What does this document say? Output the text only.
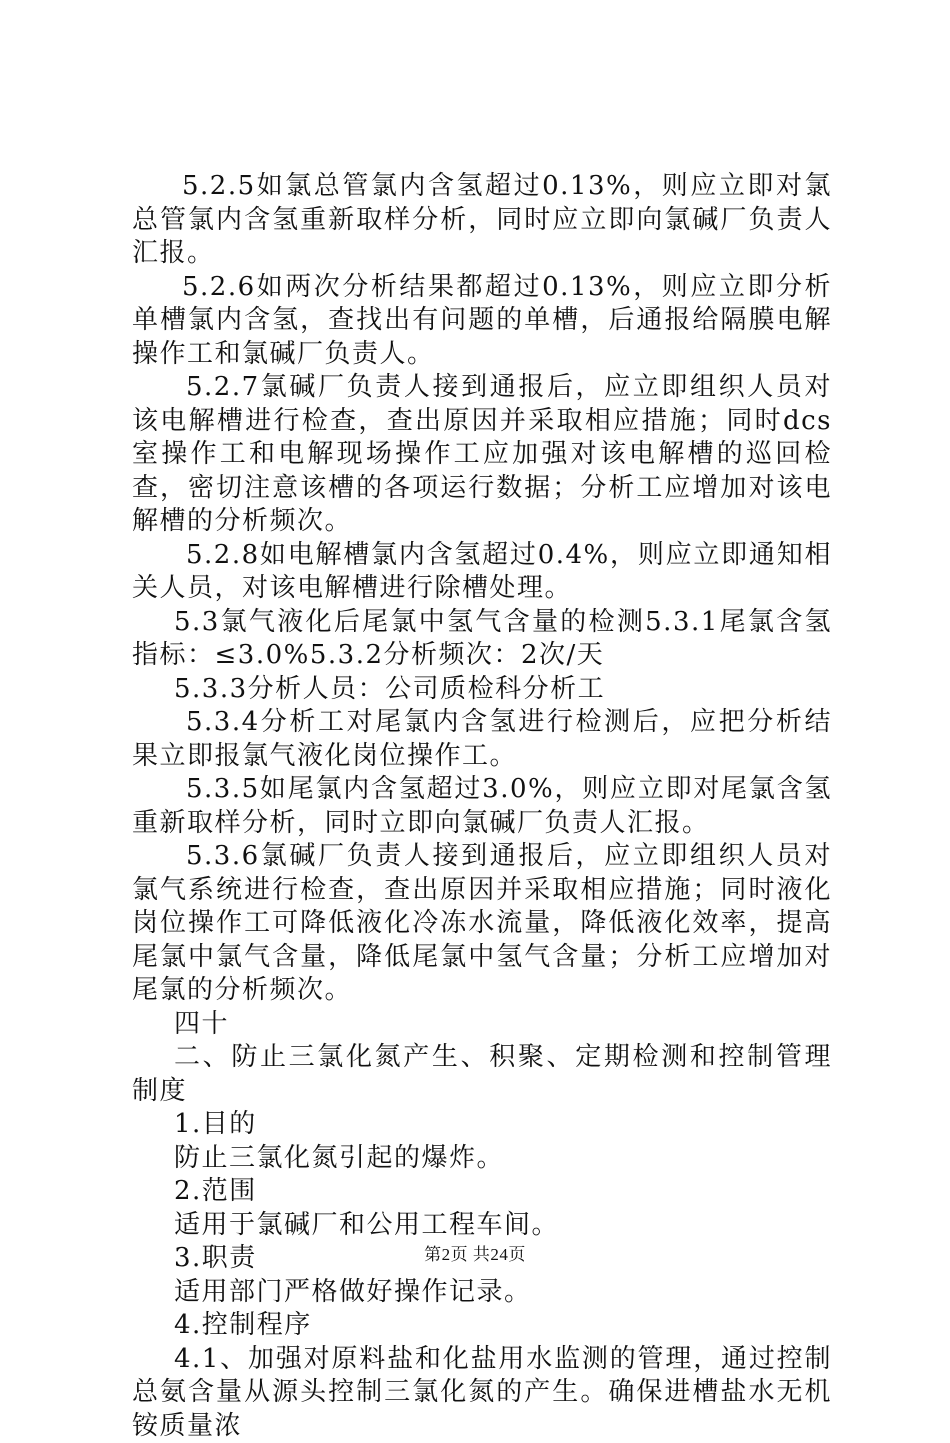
5.2.5如氯总管氯内含氢超过0.13%，则应立即对氯总管氯内含氢重新取样分析，同时应立即向氯碱厂负责人汇报。

5.2.6如两次分析结果都超过0.13%，则应立即分析单槽氯内含氢，查找出有问题的单槽，后通报给隔膜电解操作工和氯碱厂负责人。

5.2.7氯碱厂负责人接到通报后，应立即组织人员对该电解槽进行检查，查出原因并采取相应措施；同时dcs室操作工和电解现场操作工应加强对该电解槽的巡回检查，密切注意该槽的各项运行数据；分析工应增加对该电解槽的分析频次。

5.2.8如电解槽氯内含氢超过0.4%，则应立即通知相关人员，对该电解槽进行除槽处理。

5.3氯气液化后尾氯中氢气含量的检测5.3.1尾氯含氢指标：≤3.0%5.3.2分析频次：2次/天

5.3.3分析人员：公司质检科分析工

5.3.4分析工对尾氯内含氢进行检测后，应把分析结果立即报氯气液化岗位操作工。

5.3.5如尾氯内含氢超过3.0%，则应立即对尾氯含氢重新取样分析，同时立即向氯碱厂负责人汇报。

5.3.6氯碱厂负责人接到通报后，应立即组织人员对氯气系统进行检查，查出原因并采取相应措施；同时液化岗位操作工可降低液化冷冻水流量，降低液化效率，提高尾氯中氯气含量，降低尾氯中氢气含量；分析工应增加对尾氯的分析频次。

四十

二、防止三氯化氮产生、积聚、定期检测和控制管理制度

1.目的

防止三氯化氮引起的爆炸。

2.范围

适用于氯碱厂和公用工程车间。

3.职责

适用部门严格做好操作记录。

4.控制程序

4.1、加强对原料盐和化盐用水监测的管理，通过控制总氨含量从源头控制三氯化氮的产生。确保进槽盐水无机铵质量浓

第2页 共24页
